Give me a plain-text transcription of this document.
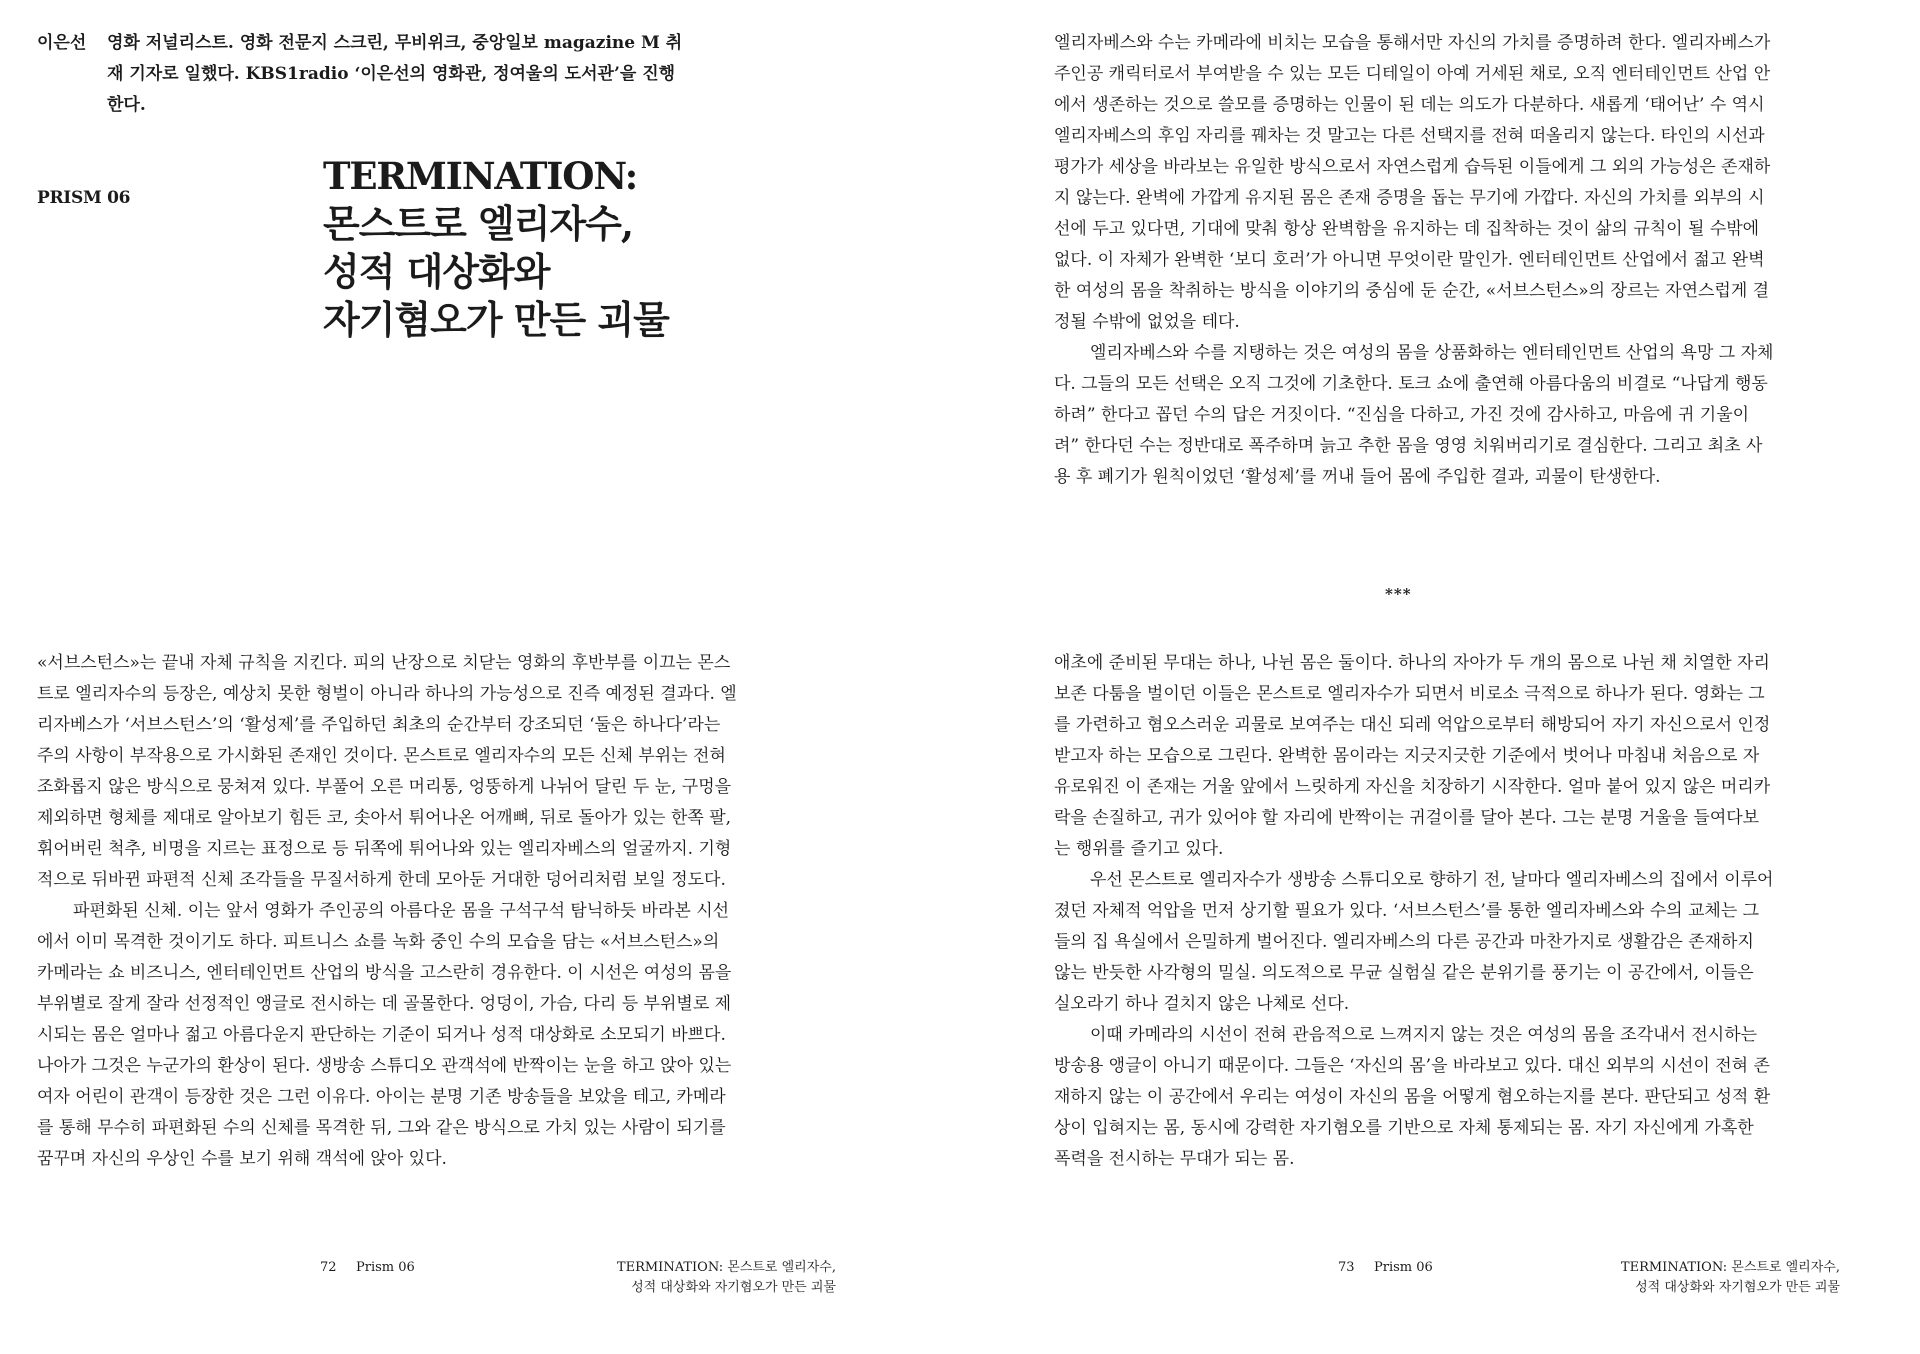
이은선 영화 저널리스트. 영화 전문지 스크린, 무비위크, 중앙일보 magazine M 취재 기자로 일했다. KBS1radio ‘이은선의 영화관, 정여울의 도서관’을 진행한다.
PRISM 06	TERMINATION:
몬스트로 엘리자수,
성적 대상화와
자기혐오가 만든 괴물

«서브스턴스»는 끝내 자체 규칙을 지킨다. 피의 난장으로 치닫는 영화의 후반부를 이끄는 몬스트로 엘리자수의 등장은, 예상치 못한 형벌이 아니라 하나의 가능성으로 진즉 예정된 결과다. 엘리자베스가 ‘서브스턴스’의 ‘활성제’를 주입하던 최초의 순간부터 강조되던 ‘둘은 하나다’라는 주의 사항이 부작용으로 가시화된 존재인 것이다. 몬스트로 엘리자수의 모든 신체 부위는 전혀 조화롭지 않은 방식으로 뭉쳐져 있다. 부풀어 오른 머리통, 엉뚱하게 나뉘어 달린 두 눈, 구멍을 제외하면 형체를 제대로 알아보기 힘든 코, 솟아서 튀어나온 어깨뼈, 뒤로 돌아가 있는 한쪽 팔, 휘어버린 척추, 비명을 지르는 표정으로 등 뒤쪽에 튀어나와 있는 엘리자베스의 얼굴까지. 기형적으로 뒤바뀐 파편적 신체 조각들을 무질서하게 한데 모아둔 거대한 덩어리처럼 보일 정도다.

파편화된 신체. 이는 앞서 영화가 주인공의 아름다운 몸을 구석구석 탐닉하듯 바라본 시선에서 이미 목격한 것이기도 하다. 피트니스 쇼를 녹화 중인 수의 모습을 담는 «서브스턴스»의 카메라는 쇼 비즈니스, 엔터테인먼트 산업의 방식을 고스란히 경유한다. 이 시선은 여성의 몸을 부위별로 잘게 잘라 선정적인 앵글로 전시하는 데 골몰한다. 엉덩이, 가슴, 다리 등 부위별로 제시되는 몸은 얼마나 젊고 아름다운지 판단하는 기준이 되거나 성적 대상화로 소모되기 바쁘다. 나아가 그것은 누군가의 환상이 된다. 생방송 스튜디오 관객석에 반짝이는 눈을 하고 앉아 있는 여자 어린이 관객이 등장한 것은 그런 이유다. 아이는 분명 기존 방송들을 보았을 테고, 카메라를 통해 무수히 파편화된 수의 신체를 목격한 뒤, 그와 같은 방식으로 가치 있는 사람이 되기를 꿈꾸며 자신의 우상인 수를 보기 위해 객석에 앉아 있다.

72 Prism 06	TERMINATION: 몬스트로 엘리자수,
성적 대상화와 자기혐오가 만든 괴물

엘리자베스와 수는 카메라에 비치는 모습을 통해서만 자신의 가치를 증명하려 한다. 엘리자베스가 주인공 캐릭터로서 부여받을 수 있는 모든 디테일이 아예 거세된 채로, 오직 엔터테인먼트 산업 안에서 생존하는 것으로 쓸모를 증명하는 인물이 된 데는 의도가 다분하다. 새롭게 ‘태어난’ 수 역시 엘리자베스의 후임 자리를 꿰차는 것 말고는 다른 선택지를 전혀 떠올리지 않는다. 타인의 시선과 평가가 세상을 바라보는 유일한 방식으로서 자연스럽게 습득된 이들에게 그 외의 가능성은 존재하지 않는다. 완벽에 가깝게 유지된 몸은 존재 증명을 돕는 무기에 가깝다. 자신의 가치를 외부의 시선에 두고 있다면, 기대에 맞춰 항상 완벽함을 유지하는 데 집착하는 것이 삶의 규칙이 될 수밖에 없다. 이 자체가 완벽한 ‘보디 호러’가 아니면 무엇이란 말인가. 엔터테인먼트 산업에서 젊고 완벽한 여성의 몸을 착취하는 방식을 이야기의 중심에 둔 순간, «서브스턴스»의 장르는 자연스럽게 결정될 수밖에 없었을 테다.

엘리자베스와 수를 지탱하는 것은 여성의 몸을 상품화하는 엔터테인먼트 산업의 욕망 그 자체다. 그들의 모든 선택은 오직 그것에 기초한다. 토크 쇼에 출연해 아름다움의 비결로 “나답게 행동하려” 한다고 꼽던 수의 답은 거짓이다. “진심을 다하고, 가진 것에 감사하고, 마음에 귀 기울이려” 한다던 수는 정반대로 폭주하며 늙고 추한 몸을 영영 치워버리기로 결심한다. 그리고 최초 사용 후 폐기가 원칙이었던 ‘활성제’를 꺼내 들어 몸에 주입한 결과, 괴물이 탄생한다.

***

애초에 준비된 무대는 하나, 나뉜 몸은 둘이다. 하나의 자아가 두 개의 몸으로 나뉜 채 치열한 자리 보존 다툼을 벌이던 이들은 몬스트로 엘리자수가 되면서 비로소 극적으로 하나가 된다. 영화는 그를 가련하고 혐오스러운 괴물로 보여주는 대신 되레 억압으로부터 해방되어 자기 자신으로서 인정받고자 하는 모습으로 그린다. 완벽한 몸이라는 지긋지긋한 기준에서 벗어나 마침내 처음으로 자유로워진 이 존재는 거울 앞에서 느릿하게 자신을 치장하기 시작한다. 얼마 붙어 있지 않은 머리카락을 손질하고, 귀가 있어야 할 자리에 반짝이는 귀걸이를 달아 본다. 그는 분명 거울을 들여다보는 행위를 즐기고 있다.

우선 몬스트로 엘리자수가 생방송 스튜디오로 향하기 전, 날마다 엘리자베스의 집에서 이루어졌던 자체적 억압을 먼저 상기할 필요가 있다. ‘서브스턴스’를 통한 엘리자베스와 수의 교체는 그들의 집 욕실에서 은밀하게 벌어진다. 엘리자베스의 다른 공간과 마찬가지로 생활감은 존재하지 않는 반듯한 사각형의 밀실. 의도적으로 무균 실험실 같은 분위기를 풍기는 이 공간에서, 이들은 실오라기 하나 걸치지 않은 나체로 선다.

이때 카메라의 시선이 전혀 관음적으로 느껴지지 않는 것은 여성의 몸을 조각내서 전시하는 방송용 앵글이 아니기 때문이다. 그들은 ‘자신의 몸’을 바라보고 있다. 대신 외부의 시선이 전혀 존재하지 않는 이 공간에서 우리는 여성이 자신의 몸을 어떻게 혐오하는지를 본다. 판단되고 성적 환상이 입혀지는 몸, 동시에 강력한 자기혐오를 기반으로 자체 통제되는 몸. 자기 자신에게 가혹한 폭력을 전시하는 무대가 되는 몸.

73 Prism 06	TERMINATION: 몬스트로 엘리자수,
성적 대상화와 자기혐오가 만든 괴물
